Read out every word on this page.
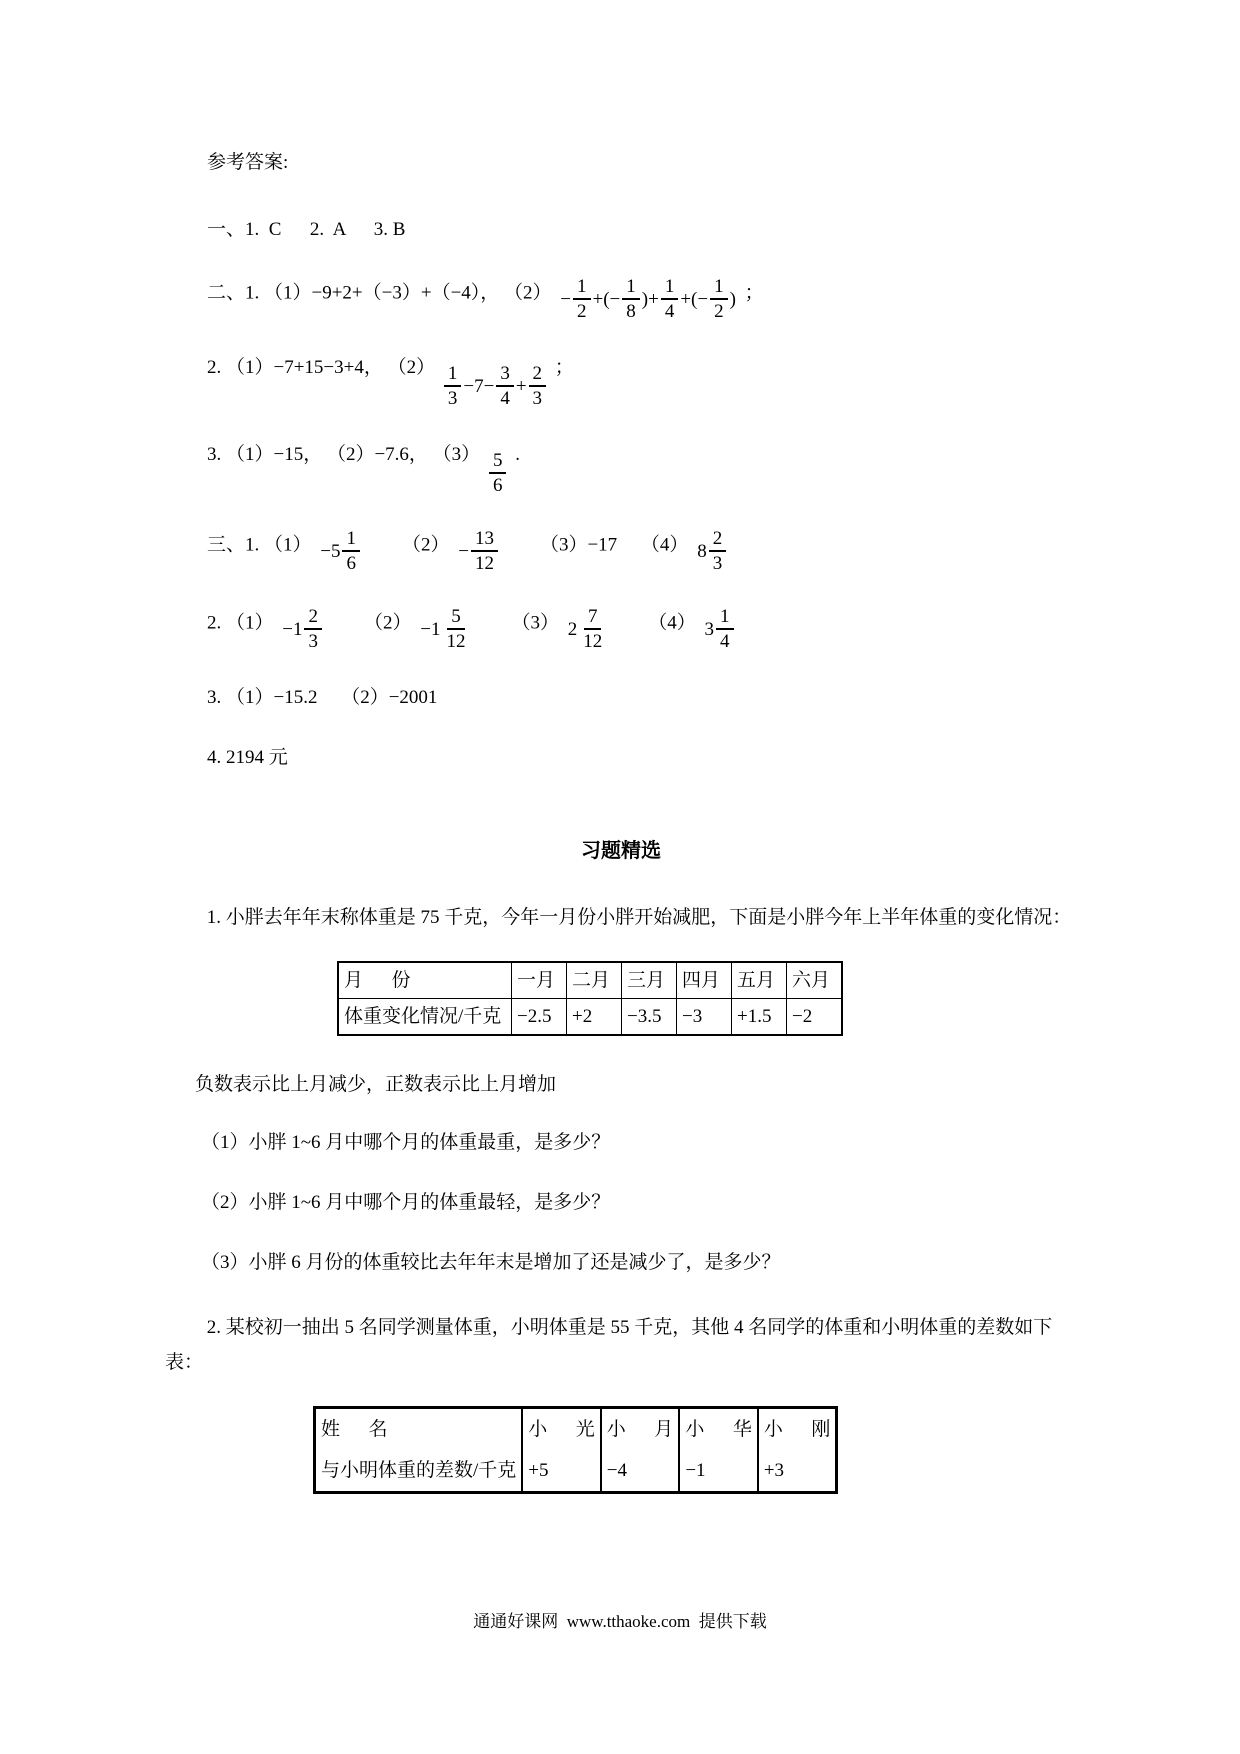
参考答案:

一、1.  C      2.  A      3. B
二、1. （1）−9+2+（−3）+（−4）， $(2) - \frac{1}{2}$ +(− $\frac{1}{8}$ )+ $\frac{1}{4}$ +(− $\frac{1}{2}$ ) ；
2. （1）−7+15−3+4， $(2) \frac{1}{3} -7- \frac{3}{4} + \frac{2}{3}$ ；
3. （1）−15， （2）−7.6， $(3) \frac{5}{6}$ .
三、1. $(1) -5 \frac{1}{6} (2) - \frac{13}{12} (3)-17$     （4） $8 \frac{2}{3}$
2. $(1) -1 \frac{2}{3} (2) -1 \frac{5}{12} (3)$ $2 \frac{7}{12} (4)$ $3 \frac{1}{4}$
3. （1）−15.2     （2）−2001
4. 2194 元
习题精选

1. 小胖去年年末称体重是 75 千克，今年一月份小胖开始减肥，下面是小胖今年上半年体重的变化情况：

月      份	一月	二月	三月	四月	五月	六月
体重变化情况/千克	−2.5	+2	−3.5	−3	+1.5	−2

负数表示比上月减少，正数表示比上月增加

（1）小胖 1~6 月中哪个月的体重最重，是多少？

（2）小胖 1~6 月中哪个月的体重最轻，是多少？

（3）小胖 6 月份的体重较比去年年末是增加了还是减少了，是多少？

2. 某校初一抽出 5 名同学测量体重，小明体重是 55 千克，其他 4 名同学的体重和小明体重的差数如下表：

姓      名	小      光	小      月	小      华	小      刚
与小明体重的差数/千克	+5	−4	−1	+3
通通好课网  www.tthaoke.com  提供下载
